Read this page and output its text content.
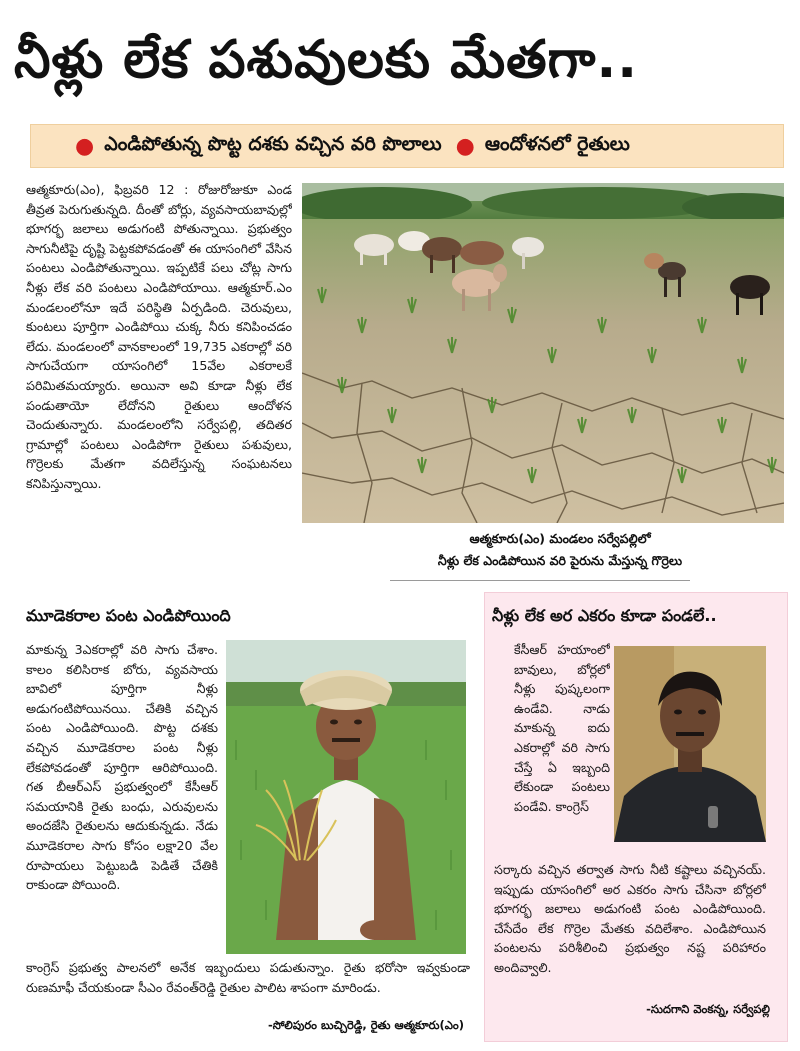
నీళ్లు లేక పశువులకు మేతగా..
● ఎండిపోతున్న పొట్ట దశకు వచ్చిన వరి పొలాలు ● ఆందోళనలో రైతులు
ఆత్మకూరు(ఎం), ఫిబ్రవరి 12 : రోజురోజుకూ ఎండ తీవ్రత పెరుగుతున్నది. దీంతో బోర్లు, వ్యవసాయబావుల్లో భూగర్భ జలాలు అడుగంటి పోతున్నాయి. ప్రభుత్వం సాగునీటిపై దృష్టి పెట్టకపోవడంతో ఈ యాసంగిలో వేసిన పంటలు ఎండిపోతున్నాయి. ఇప్పటికే పలు చోట్ల సాగు నీళ్లు లేక వరి పంటలు ఎండిపోయాయి. ఆత్మకూర్.ఎం మండలంలోనూ ఇదే పరిస్థితి ఏర్పడింది. చెరువులు, కుంటలు పూర్తిగా ఎండిపోయి చుక్క నీరు కనిపించడం లేదు. మండలంలో వానకాలంలో 19,735 ఎకరాల్లో వరి సాగుచేయగా యాసంగిలో 15వేల ఎకరాలకే పరిమితమయ్యారు. అయినా అవి కూడా నీళ్లు లేక పండుతాయో లేదోనని రైతులు ఆందోళన చెందుతున్నారు. మండలంలోని సర్వేపల్లి, తదితర గ్రామాల్లో పంటలు ఎండిపోగా రైతులు పశువులు, గొర్రెలకు మేతగా వదిలేస్తున్న సంఘటనలు కనిపిస్తున్నాయి.
ఆత్మకూరు(ఎం) మండలం సర్వేపల్లిలో
నీళ్లు లేక ఎండిపోయిన వరి పైరును మేస్తున్న గొర్రెలు
మూడెకరాల పంట ఎండిపోయింది
మాకున్న 3ఎకరాల్లో వరి సాగు చేశాం. కాలం కలిసిరాక బోరు, వ్యవసాయ బావిలో పూర్తిగా నీళ్లు అడుగంటిపోయినయి. చేతికి వచ్చిన పంట ఎండిపోయింది. పొట్ట దశకు వచ్చిన మూడెకరాల పంట నీళ్లు లేకపోవడంతో పూర్తిగా ఆరిపోయింది. గత బీఆర్ఎస్ ప్రభుత్వంలో కేసీఆర్ సమయానికి రైతు బంధు, ఎరువులను అందజేసి రైతులను ఆదుకున్నడు. నేడు మూడెకరాల సాగు కోసం లక్షా20 వేల రూపాయలు పెట్టుబడి పెడితే చేతికి రాకుండా పోయింది.
కాంగ్రెస్ ప్రభుత్వ పాలనలో అనేక ఇబ్బందులు పడుతున్నాం. రైతు భరోసా ఇవ్వకుండా రుణమాఫీ చేయకుండా సీఎం రేవంత్‌రెడ్డి రైతుల పాలిట శాపంగా మారిండు.
-సోలిపురం బుచ్చిరెడ్డి, రైతు ఆత్మకూరు(ఎం)
నీళ్లు లేక అర ఎకరం కూడా పండలే..
కేసీఆర్ హయాంలో బావులు, బోర్లలో నీళ్లు పుష్కలంగా ఉండేవి. నాడు మాకున్న ఐదు ఎకరాల్లో వరి సాగు చేస్తే ఏ ఇబ్బంది లేకుండా పంటలు పండేవి. కాంగ్రెస్
సర్కారు వచ్చిన తర్వాత సాగు నీటి కష్టాలు వచ్చినయ్. ఇప్పుడు యాసంగిలో అర ఎకరం సాగు చేసినా బోర్లలో భూగర్భ జలాలు అడుగంటి పంట ఎండిపోయింది. చేసేదేం లేక గొర్రెల మేతకు వదిలేశాం. ఎండిపోయిన పంటలను పరిశీలించి ప్రభుత్వం నష్ట పరిహారం అందివ్వాలి.
-సుదగాని వెంకన్న, సర్వేపల్లి
